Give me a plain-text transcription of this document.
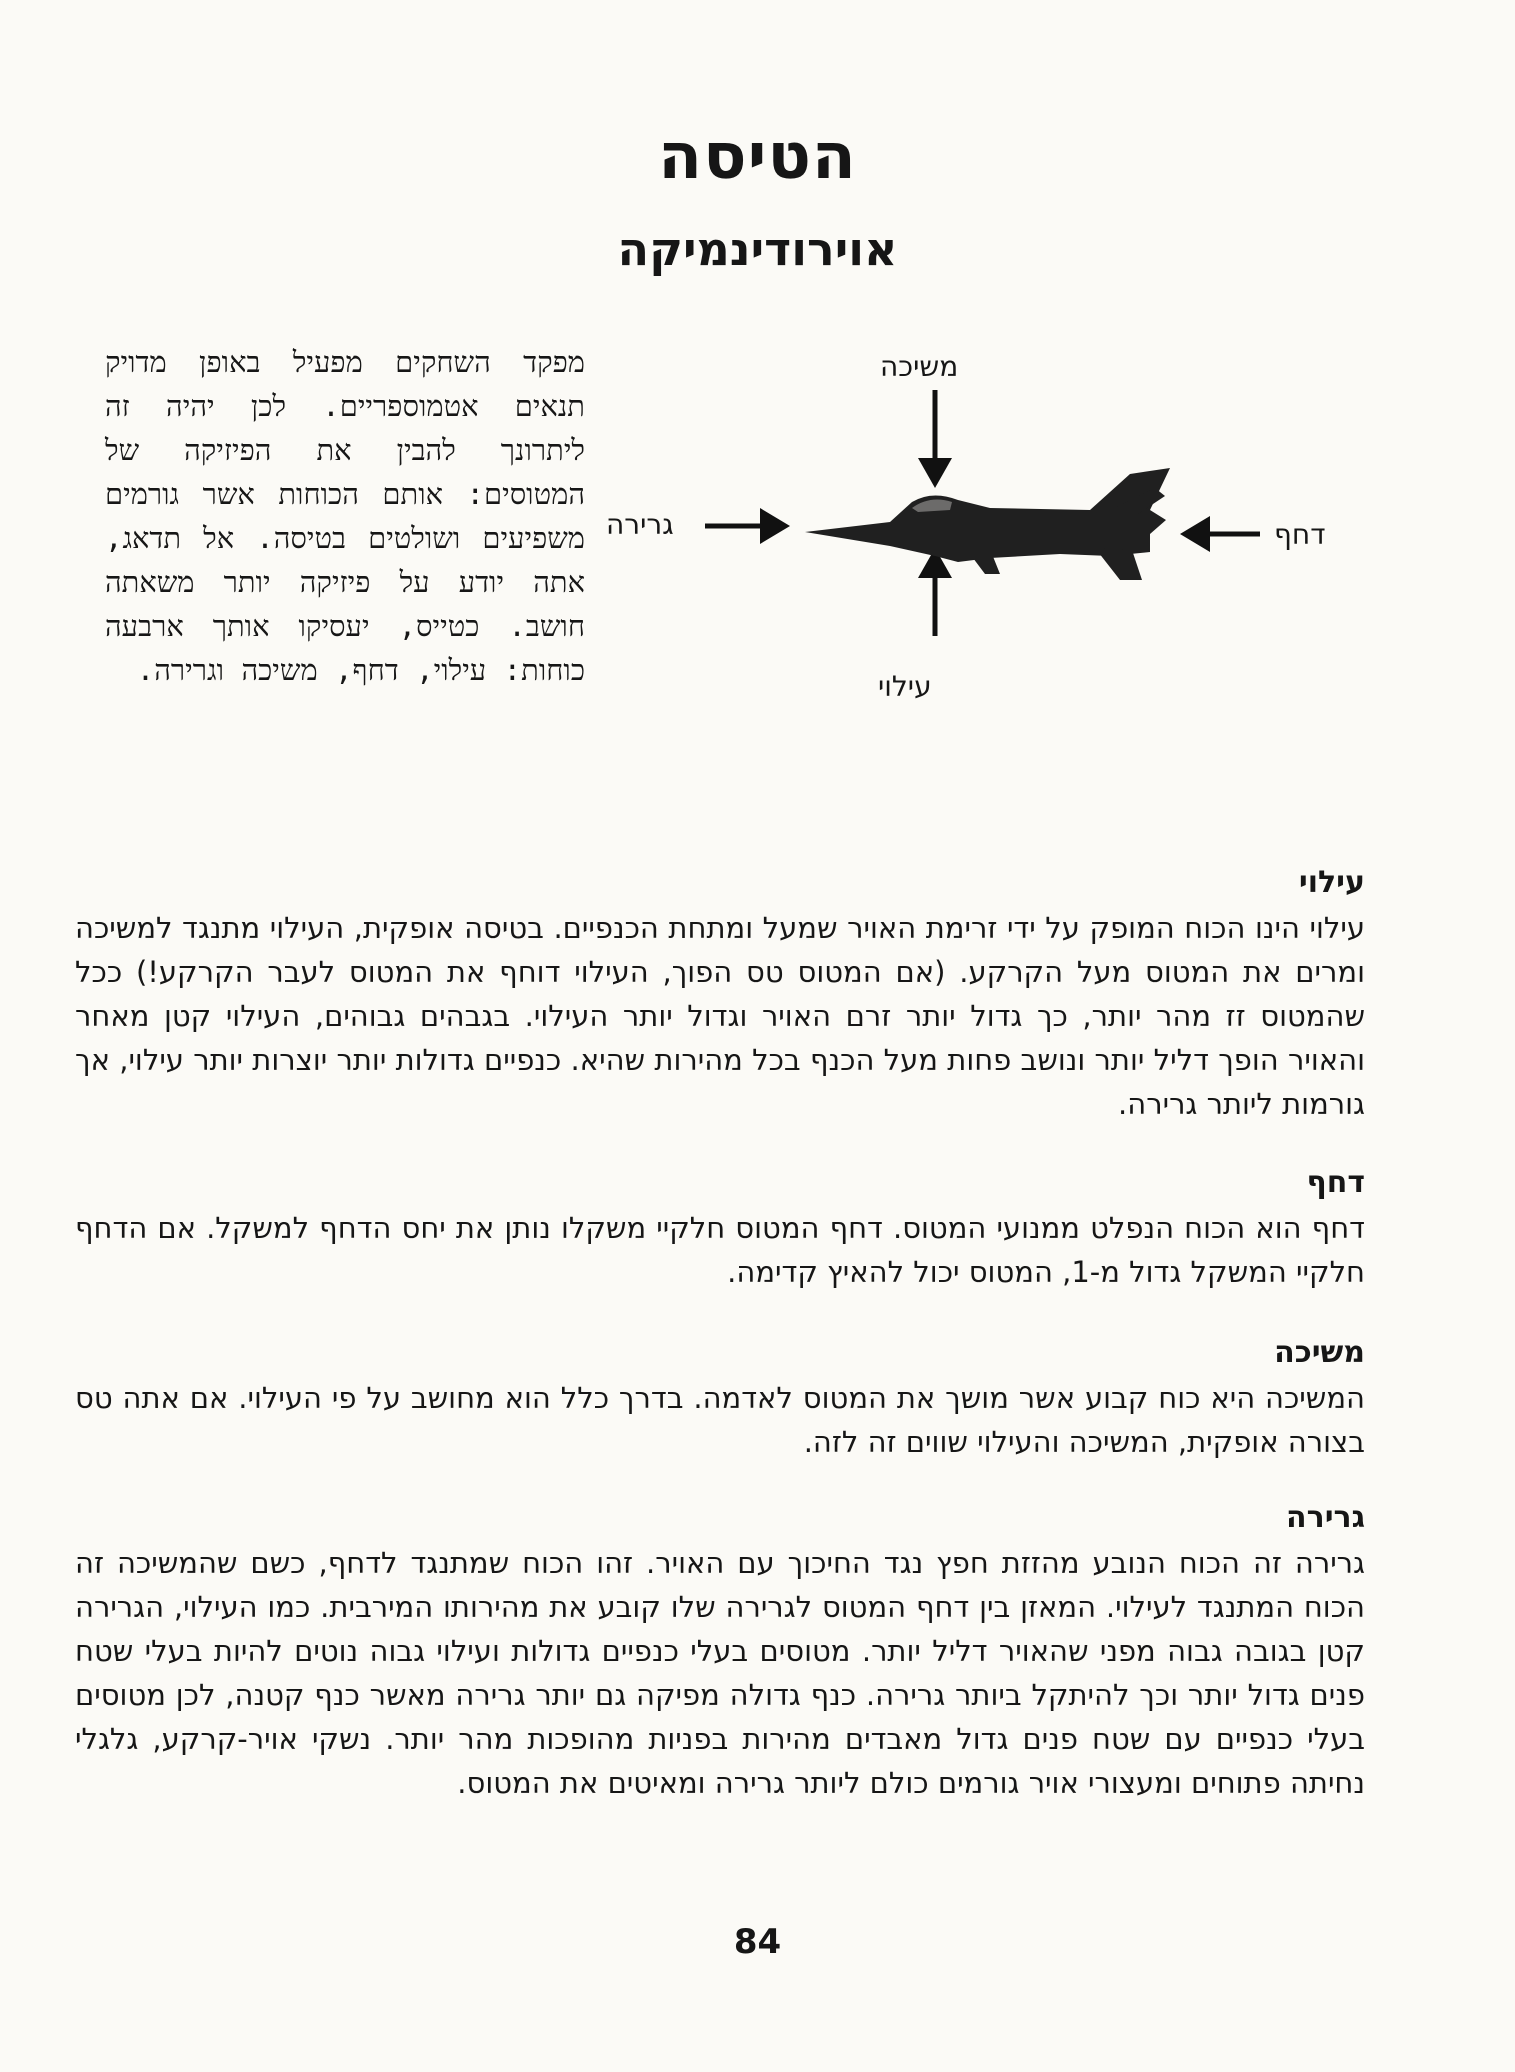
הטיסה
אוירודינמיקה

מפקד השחקים מפעיל באופן מדויק תנאים אטמוספריים. לכן יהיה זה ליתרונך להבין את הפיזיקה של המטוסים: אותם הכוחות אשר גורמים משפיעים ושולטים בטיסה. אל תדאג, אתה יודע על פיזיקה יותר משאתה חושב. כטייס, יעסיקו אותך ארבעה כוחות: עילוי, דחף, משיכה וגרירה.

משיכה
עילוי
גרירה	דחף
עילוי

עילוי הינו הכוח המופק על ידי זרימת האויר שמעל ומתחת הכנפיים. בטיסה אופקית, העילוי מתנגד למשיכה ומרים את המטוס מעל הקרקע. (אם המטוס טס הפוך, העילוי דוחף את המטוס לעבר הקרקע!) ככל שהמטוס זז מהר יותר, כך גדול יותר זרם האויר וגדול יותר העילוי. בגבהים גבוהים, העילוי קטן מאחר והאויר הופך דליל יותר ונושב פחות מעל הכנף בכל מהירות שהיא. כנפיים גדולות יותר יוצרות יותר עילוי, אך גורמות ליותר גרירה.

דחף

דחף הוא הכוח הנפלט ממנועי המטוס. דחף המטוס חלקיי משקלו נותן את יחס הדחף למשקל. אם הדחף חלקיי המשקל גדול מ-1, המטוס יכול להאיץ קדימה.

משיכה

המשיכה היא כוח קבוע אשר מושך את המטוס לאדמה. בדרך כלל הוא מחושב על פי העילוי. אם אתה טס בצורה אופקית, המשיכה והעילוי שווים זה לזה.

גרירה

גרירה זה הכוח הנובע מהזזת חפץ נגד החיכוך עם האויר. זהו הכוח שמתנגד לדחף, כשם שהמשיכה זה הכוח המתנגד לעילוי. המאזן בין דחף המטוס לגרירה שלו קובע את מהירותו המירבית. כמו העילוי, הגרירה קטן בגובה גבוה מפני שהאויר דליל יותר. מטוסים בעלי כנפיים גדולות ועילוי גבוה נוטים להיות בעלי שטח פנים גדול יותר וכך להיתקל ביותר גרירה. כנף גדולה מפיקה גם יותר גרירה מאשר כנף קטנה, לכן מטוסים בעלי כנפיים עם שטח פנים גדול מאבדים מהירות בפניות מהופכות מהר יותר. נשקי אויר-קרקע, גלגלי נחיתה פתוחים ומעצורי אויר גורמים כולם ליותר גרירה ומאיטים את המטוס.

84
